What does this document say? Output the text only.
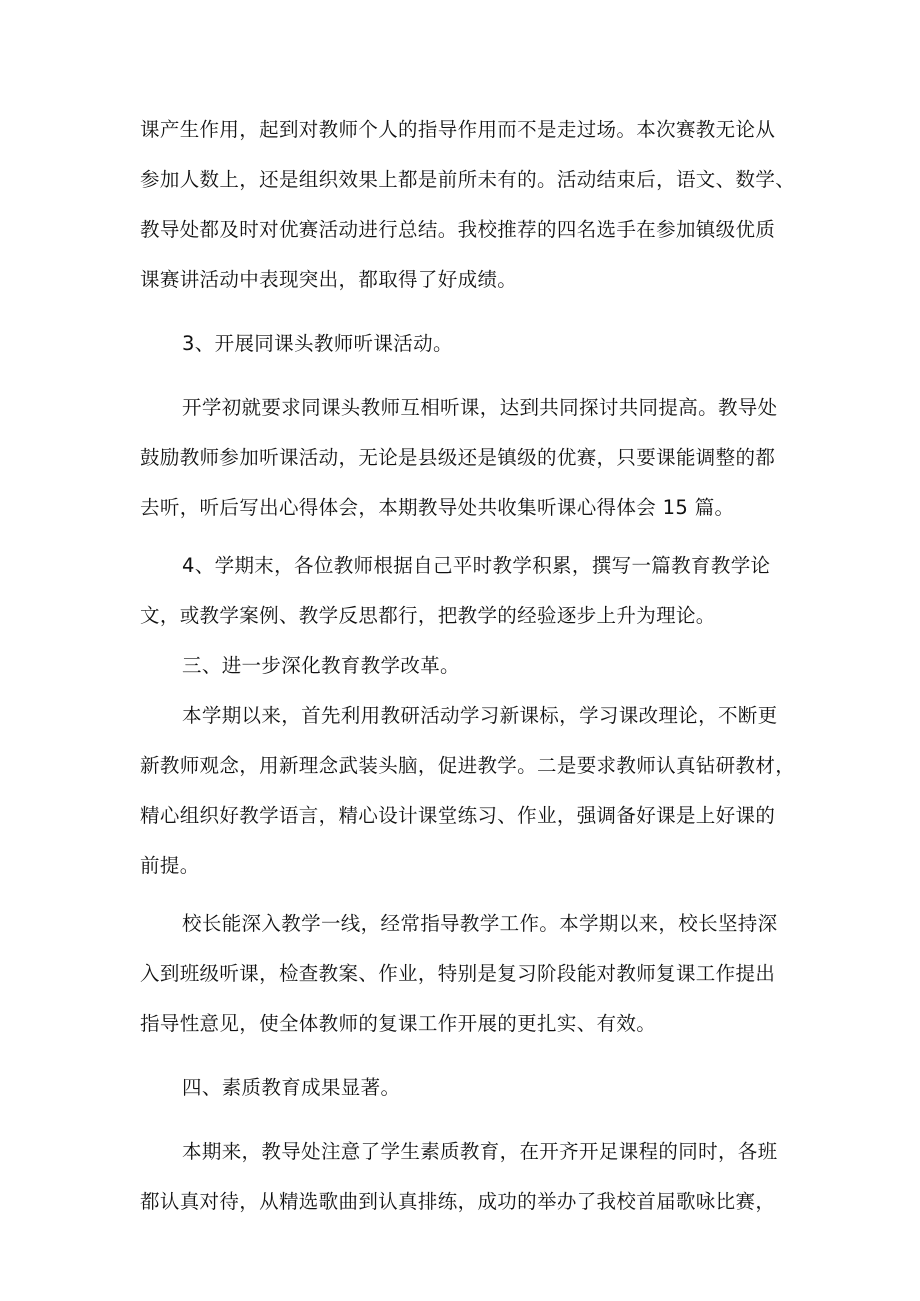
课产生作用，起到对教师个人的指导作用而不是走过场。本次赛教无论从
参加人数上，还是组织效果上都是前所未有的。活动结束后，语文、数学、
教导处都及时对优赛活动进行总结。我校推荐的四名选手在参加镇级优质
课赛讲活动中表现突出，都取得了好成绩。
3、开展同课头教师听课活动。
开学初就要求同课头教师互相听课，达到共同探讨共同提高。教导处
鼓励教师参加听课活动，无论是县级还是镇级的优赛，只要课能调整的都
去听，听后写出心得体会，本期教导处共收集听课心得体会 15 篇。
4、学期末，各位教师根据自己平时教学积累，撰写一篇教育教学论
文，或教学案例、教学反思都行，把教学的经验逐步上升为理论。
三、进一步深化教育教学改革。
本学期以来，首先利用教研活动学习新课标，学习课改理论，不断更
新教师观念，用新理念武装头脑，促进教学。二是要求教师认真钻研教材，
精心组织好教学语言，精心设计课堂练习、作业，强调备好课是上好课的
前提。
校长能深入教学一线，经常指导教学工作。本学期以来，校长坚持深
入到班级听课，检查教案、作业，特别是复习阶段能对教师复课工作提出
指导性意见，使全体教师的复课工作开展的更扎实、有效。
四、素质教育成果显著。
本期来，教导处注意了学生素质教育，在开齐开足课程的同时，各班
都认真对待，从精选歌曲到认真排练，成功的举办了我校首届歌咏比赛，
